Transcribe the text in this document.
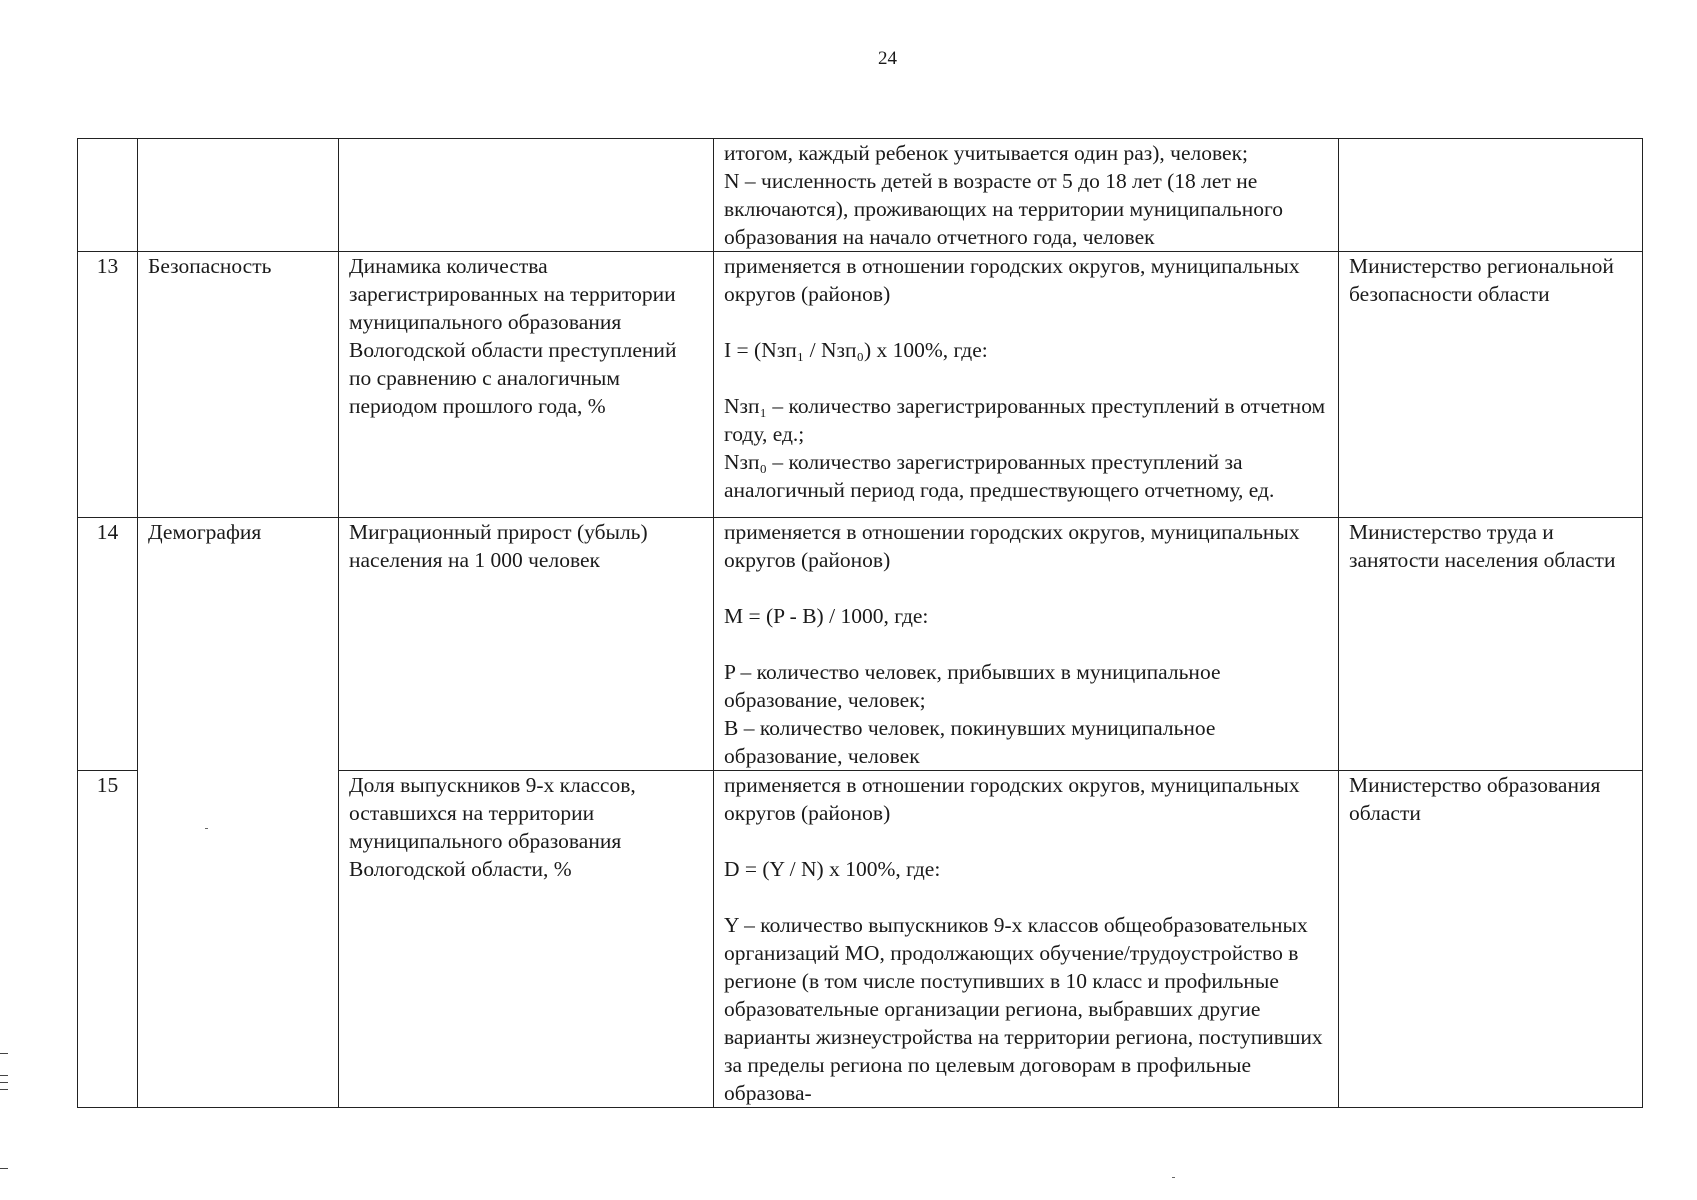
24

			итогом, каждый ребенок учитывается один раз), человек;
N – численность детей в возрасте от 5 до 18 лет (18 лет не включаются), проживающих на территории муниципального образования на начало отчетного года, человек	

13	Безопасность	Динамика количества зарегистрированных на территории муниципального образования Вологодской области преступлений по сравнению с аналогичным периодом прошлого года, %	применяется в отношении городских округов, муниципальных округов (районов)
I = (Nзп₁ / Nзп₀) x 100%, где:
Nзп₁ – количество зарегистрированных преступлений в отчетном году, ед.;
Nзп₀ – количество зарегистрированных преступлений за аналогичный период года, предшествующего отчетному, ед.	Министерство региональной безопасности области
14	Демография	Миграционный прирост (убыль) населения на 1 000 человек	применяется в отношении городских округов, муниципальных округов (районов)
M = (P - B) / 1000, где:
P – количество человек, прибывших в муниципальное образование, человек;
B – количество человек, покинувших муниципальное образование, человек	Министерство труда и занятости населения области
15		Доля выпускников 9-х классов, оставшихся на территории муниципального образования Вологодской области, %	применяется в отношении городских округов, муниципальных округов (районов)
D = (Y / N) x 100%, где:
Y – количество выпускников 9-х классов общеобразовательных организаций МО, продолжающих обучение/трудоустройство в регионе (в том числе поступивших в 10 класс и профильные образовательные организации региона, выбравших другие варианты жизнеустройства на территории региона, поступивших за пределы региона по целевым договорам в профильные образова-	Министерство образования области
